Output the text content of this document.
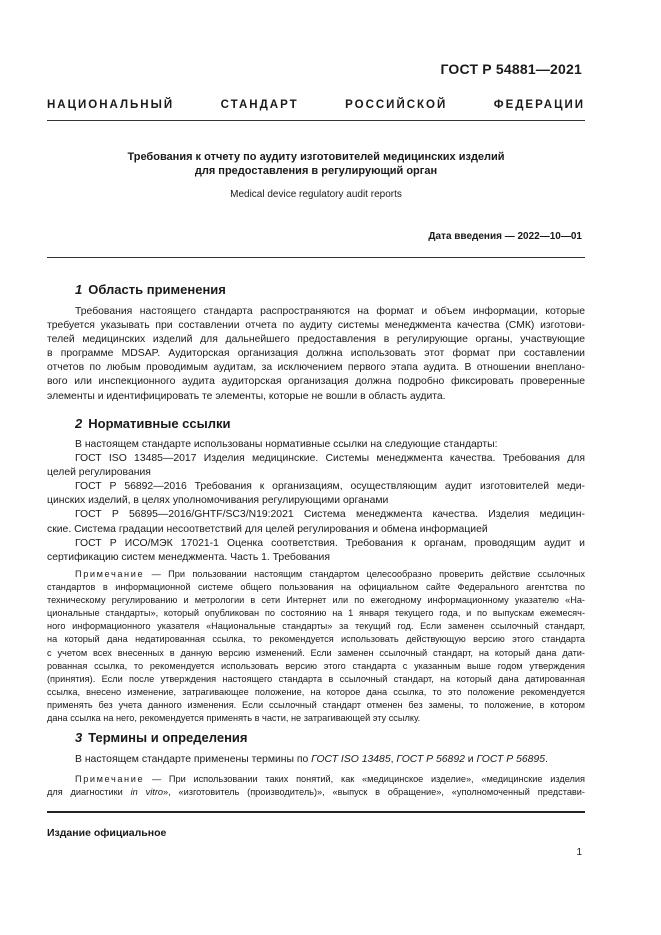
ГОСТ Р 54881—2021
НАЦИОНАЛЬНЫЙ СТАНДАРТ РОССИЙСКОЙ ФЕДЕРАЦИИ
Требования к отчету по аудиту изготовителей медицинских изделий
для предоставления в регулирующий орган
Medical device regulatory audit reports
Дата введения — 2022—10—01
1 Область применения
Требования настоящего стандарта распространяются на формат и объем информации, которые
требуется указывать при составлении отчета по аудиту системы менеджмента качества (СМК) изготови-
телей медицинских изделий для дальнейшего предоставления в регулирующие органы, участвующие
в программе MDSAP. Аудиторская организация должна использовать этот формат при составлении
отчетов по любым проводимым аудитам, за исключением первого этапа аудита. В отношении внеплано-
вого или инспекционного аудита аудиторская организация должна подробно фиксировать проверенные
элементы и идентифицировать те элементы, которые не вошли в область аудита.
2 Нормативные ссылки
В настоящем стандарте использованы нормативные ссылки на следующие стандарты:
ГОСТ ISO 13485—2017 Изделия медицинские. Системы менеджмента качества. Требования для
целей регулирования
ГОСТ Р 56892—2016 Требования к организациям, осуществляющим аудит изготовителей меди-
цинских изделий, в целях уполномочивания регулирующими органами
ГОСТ Р 56895—2016/GHTF/SC3/N19:2021 Система менеджмента качества. Изделия медицин-
ские. Система градации несоответствий для целей регулирования и обмена информацией
ГОСТ Р ИСО/МЭК 17021-1 Оценка соответствия. Требования к органам, проводящим аудит и
сертификацию систем менеджмента. Часть 1. Требования
Примечание — При пользовании настоящим стандартом целесообразно проверить действие ссылочных
стандартов в информационной системе общего пользования на официальном сайте Федерального агентства по
техническому регулированию и метрологии в сети Интернет или по ежегодному информационному указателю «На-
циональные стандарты», который опубликован по состоянию на 1 января текущего года, и по выпускам ежемесяч-
ного информационного указателя «Национальные стандарты» за текущий год. Если заменен ссылочный стандарт,
на который дана недатированная ссылка, то рекомендуется использовать действующую версию этого стандарта
с учетом всех внесенных в данную версию изменений. Если заменен ссылочный стандарт, на который дана дати-
рованная ссылка, то рекомендуется использовать версию этого стандарта с указанным выше годом утверждения
(принятия). Если после утверждения настоящего стандарта в ссылочный стандарт, на который дана датированная
ссылка, внесено изменение, затрагивающее положение, на которое дана ссылка, то это положение рекомендуется
применять без учета данного изменения. Если ссылочный стандарт отменен без замены, то положение, в котором
дана ссылка на него, рекомендуется применять в части, не затрагивающей эту ссылку.
3 Термины и определения
В настоящем стандарте применены термины по ГОСТ ISO 13485, ГОСТ Р 56892 и ГОСТ Р 56895.
Примечание — При использовании таких понятий, как «медицинское изделие», «медицинские изделия
для диагностики in vitro», «изготовитель (производитель)», «выпуск в обращение», «уполномоченный представи-
Издание официальное
1
